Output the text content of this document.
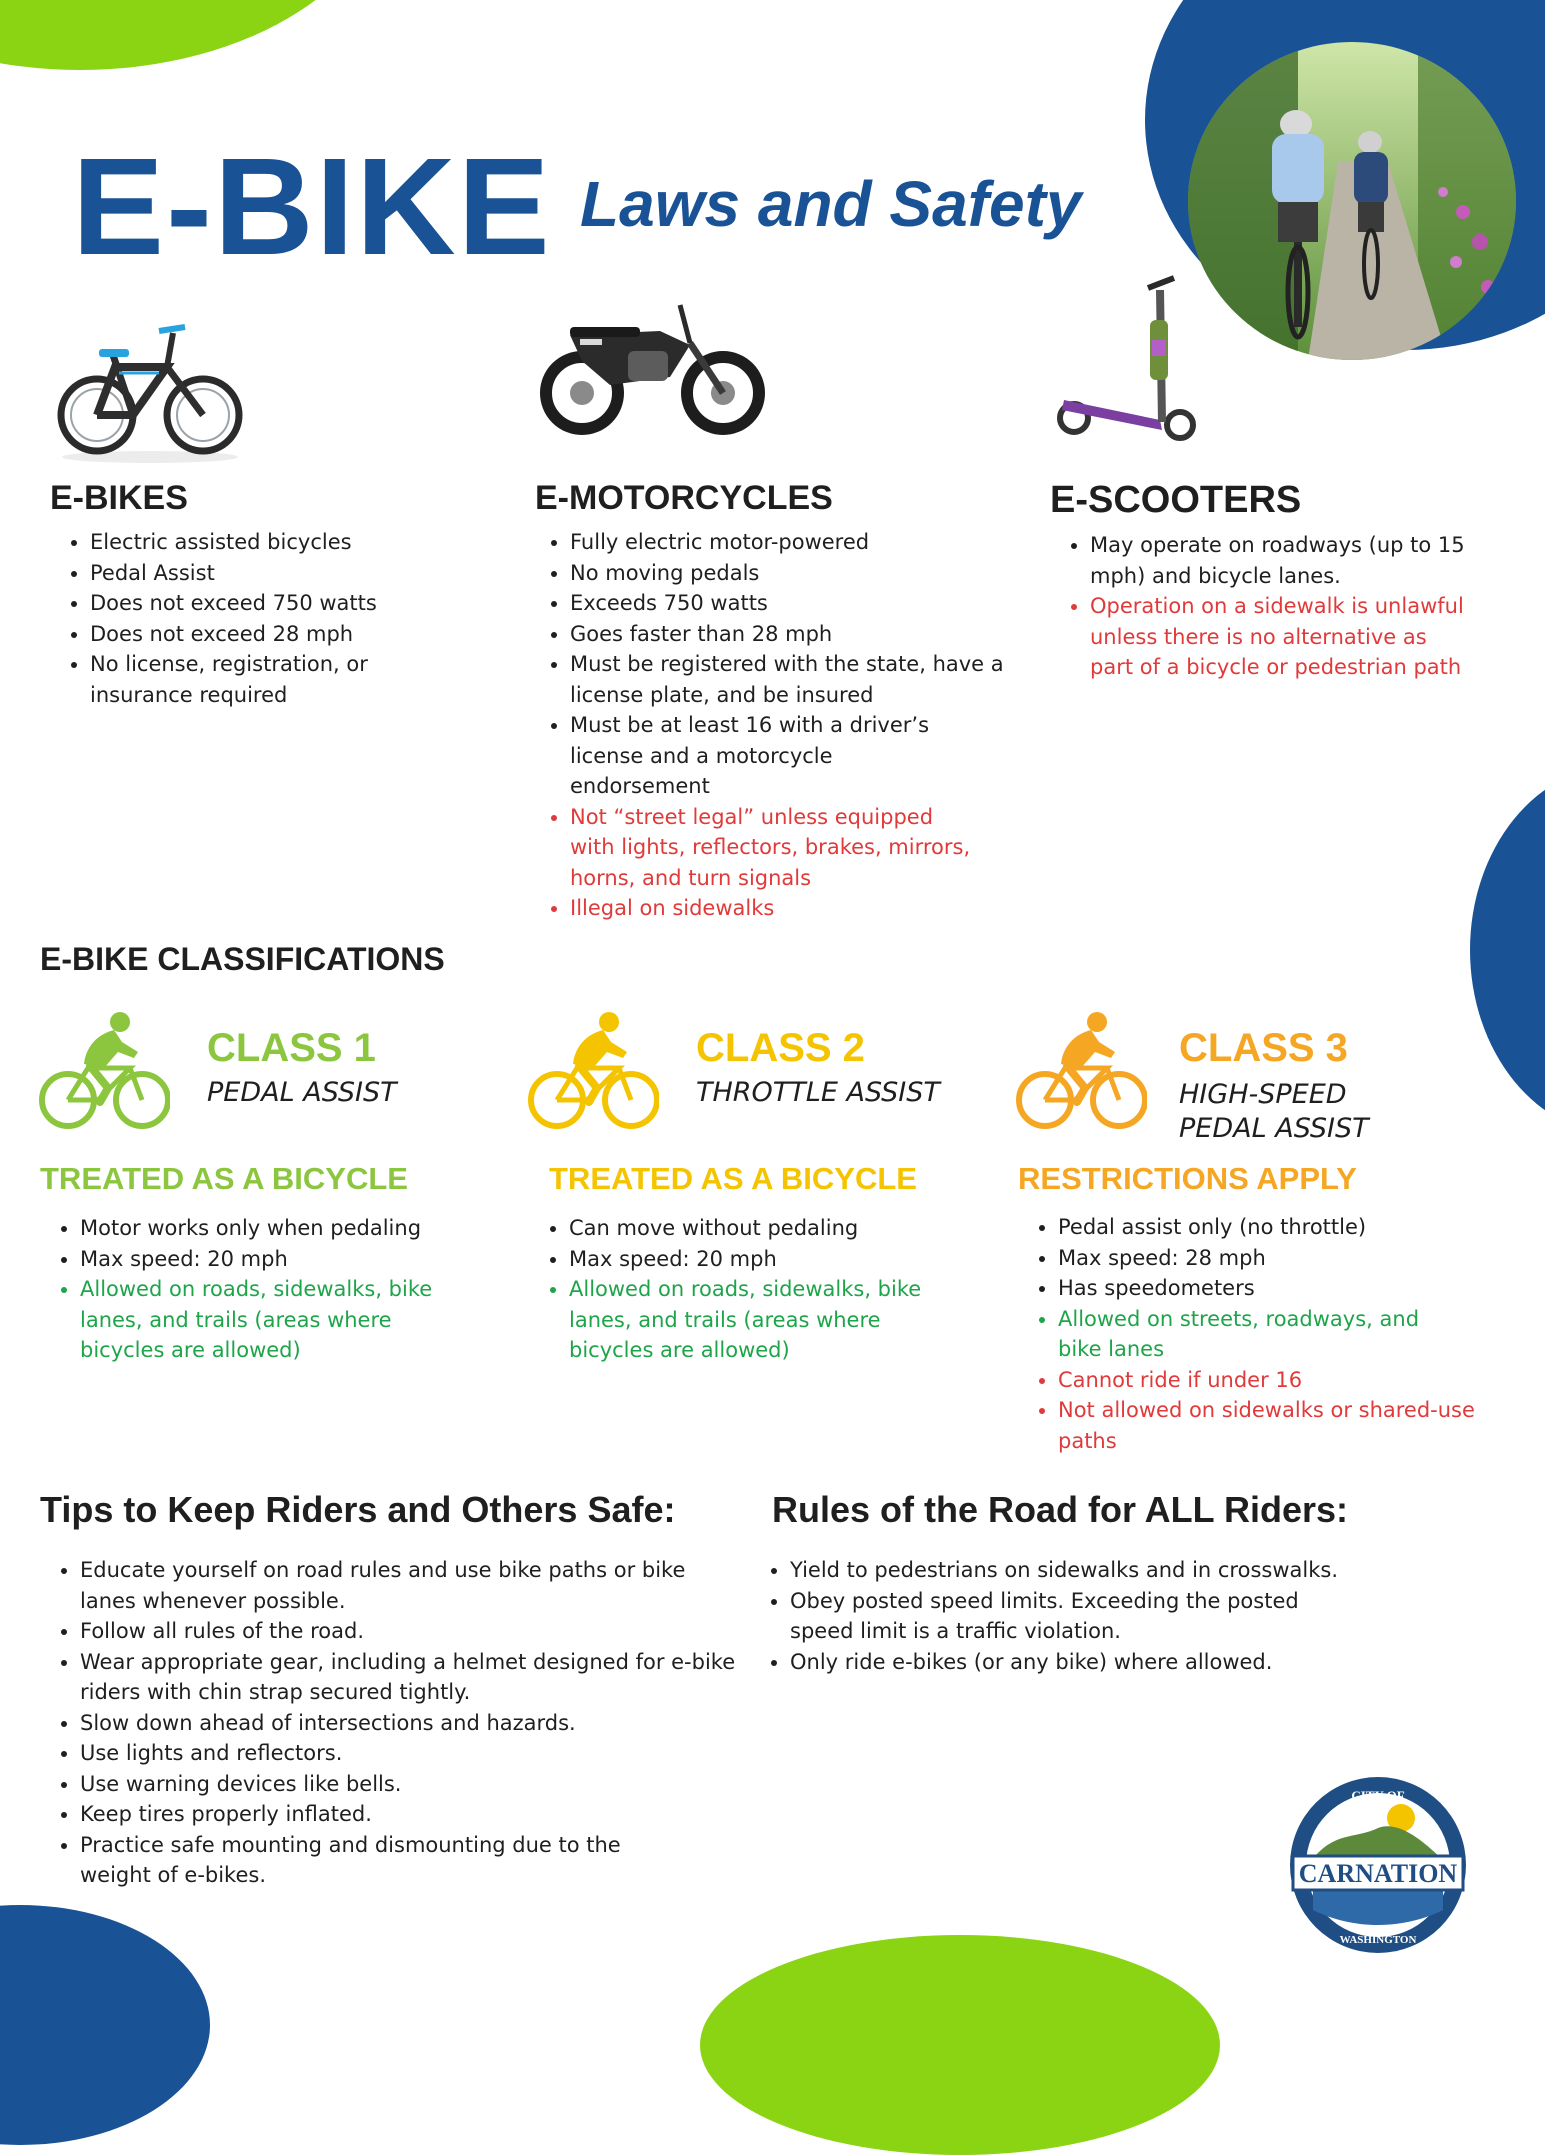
E-BIKE Laws and Safety
E-BIKES
• Electric assisted bicycles
• Pedal Assist
• Does not exceed 750 watts
• Does not exceed 28 mph
• No license, registration, or insurance required
E-MOTORCYCLES
• Fully electric motor-powered
• No moving pedals
• Exceeds 750 watts
• Goes faster than 28 mph
• Must be registered with the state, have a license plate, and be insured
• Must be at least 16 with a driver’s license and a motorcycle endorsement
• Not “street legal” unless equipped with lights, reflectors, brakes, mirrors, horns, and turn signals
• Illegal on sidewalks
E-SCOOTERS
• May operate on roadways (up to 15 mph) and bicycle lanes.
• Operation on a sidewalk is unlawful unless there is no alternative as part of a bicycle or pedestrian path
E-BIKE CLASSIFICATIONS

CLASS 1

PEDAL ASSIST

TREATED AS A BICYCLE

• Motor works only when pedaling
• Max speed: 20 mph
• Allowed on roads, sidewalks, bike lanes, and trails (areas where bicycles are allowed)

CLASS 2

THROTTLE ASSIST

TREATED AS A BICYCLE

• Can move without pedaling
• Max speed: 20 mph
• Allowed on roads, sidewalks, bike lanes, and trails (areas where bicycles are allowed)

CLASS 3

HIGH-SPEED PEDAL ASSIST

RESTRICTIONS APPLY

• Pedal assist only (no throttle)
• Max speed: 28 mph
• Has speedometers
• Allowed on streets, roadways, and bike lanes
• Cannot ride if under 16
• Not allowed on sidewalks or shared-use paths
Tips to Keep Riders and Others Safe:
• Educate yourself on road rules and use bike paths or bike lanes whenever possible.
• Follow all rules of the road.
• Wear appropriate gear, including a helmet designed for e-bike riders with chin strap secured tightly.
• Slow down ahead of intersections and hazards.
• Use lights and reflectors.
• Use warning devices like bells.
• Keep tires properly inflated.
• Practice safe mounting and dismounting due to the weight of e-bikes.
Rules of the Road for ALL Riders:
• Yield to pedestrians on sidewalks and in crosswalks.
• Obey posted speed limits. Exceeding the posted speed limit is a traffic violation.
• Only ride e-bikes (or any bike) where allowed.
CITY OF
CARNATION
WASHINGTON
